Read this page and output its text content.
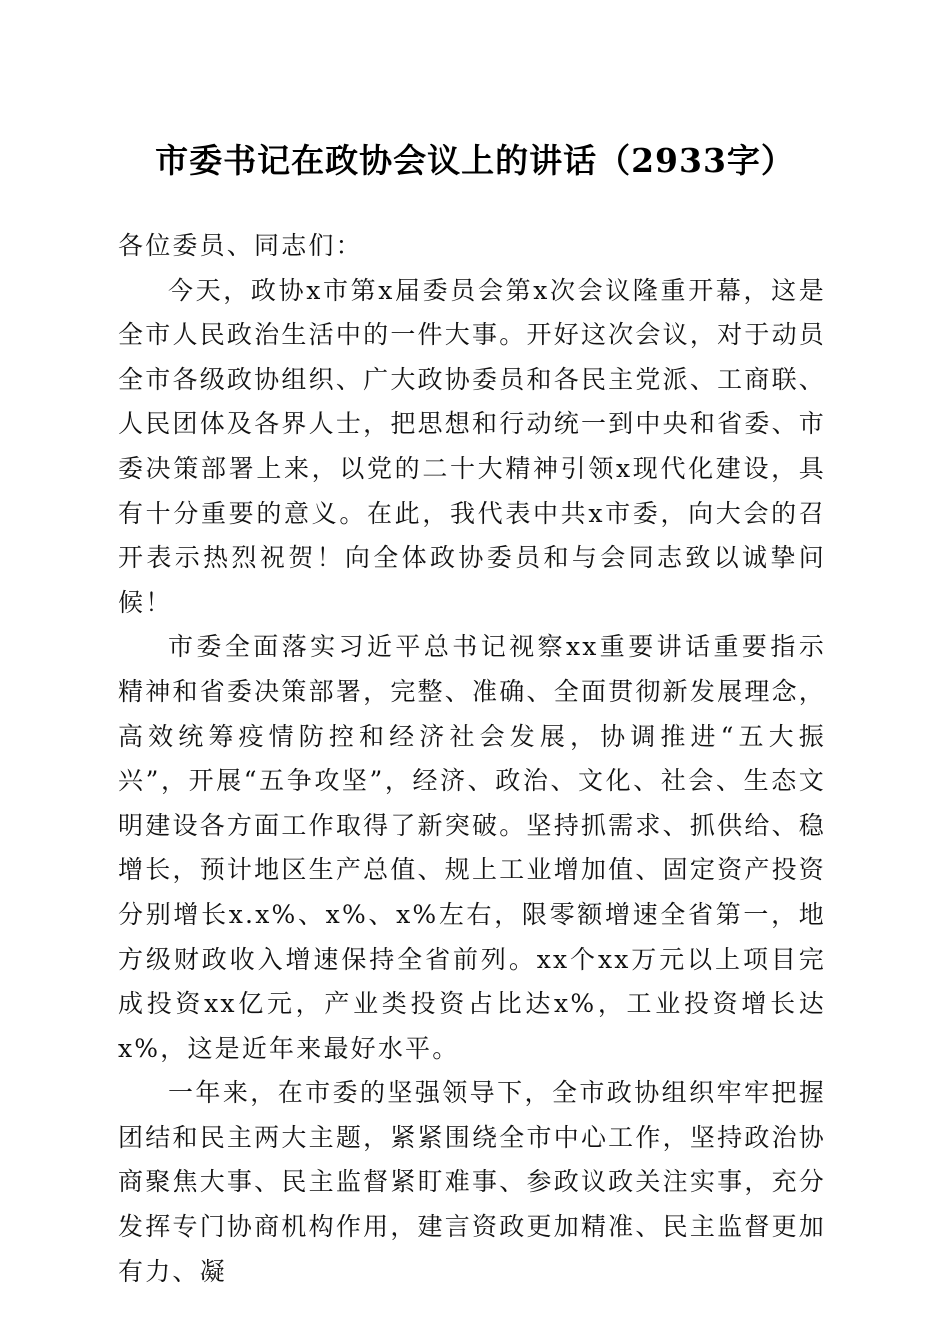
市委书记在政协会议上的讲话（2933字）

各位委员、同志们：

今天，政协x市第x届委员会第x次会议隆重开幕，这是全市人民政治生活中的一件大事。开好这次会议，对于动员全市各级政协组织、广大政协委员和各民主党派、工商联、人民团体及各界人士，把思想和行动统一到中央和省委、市委决策部署上来，以党的二十大精神引领x现代化建设，具有十分重要的意义。在此，我代表中共x市委，向大会的召开表示热烈祝贺！向全体政协委员和与会同志致以诚挚问候！

市委全面落实习近平总书记视察xx重要讲话重要指示精神和省委决策部署，完整、准确、全面贯彻新发展理念，高效统筹疫情防控和经济社会发展，协调推进“五大振兴”，开展“五争攻坚”，经济、政治、文化、社会、生态文明建设各方面工作取得了新突破。坚持抓需求、抓供给、稳增长，预计地区生产总值、规上工业增加值、固定资产投资分别增长x.x%、x%、x%左右，限零额增速全省第一，地方级财政收入增速保持全省前列。xx个xx万元以上项目完成投资xx亿元，产业类投资占比达x%，工业投资增长达x%，这是近年来最好水平。

一年来，在市委的坚强领导下，全市政协组织牢牢把握团结和民主两大主题，紧紧围绕全市中心工作，坚持政治协商聚焦大事、民主监督紧盯难事、参政议政关注实事，充分发挥专门协商机构作用，建言资政更加精准、民主监督更加有力、凝
